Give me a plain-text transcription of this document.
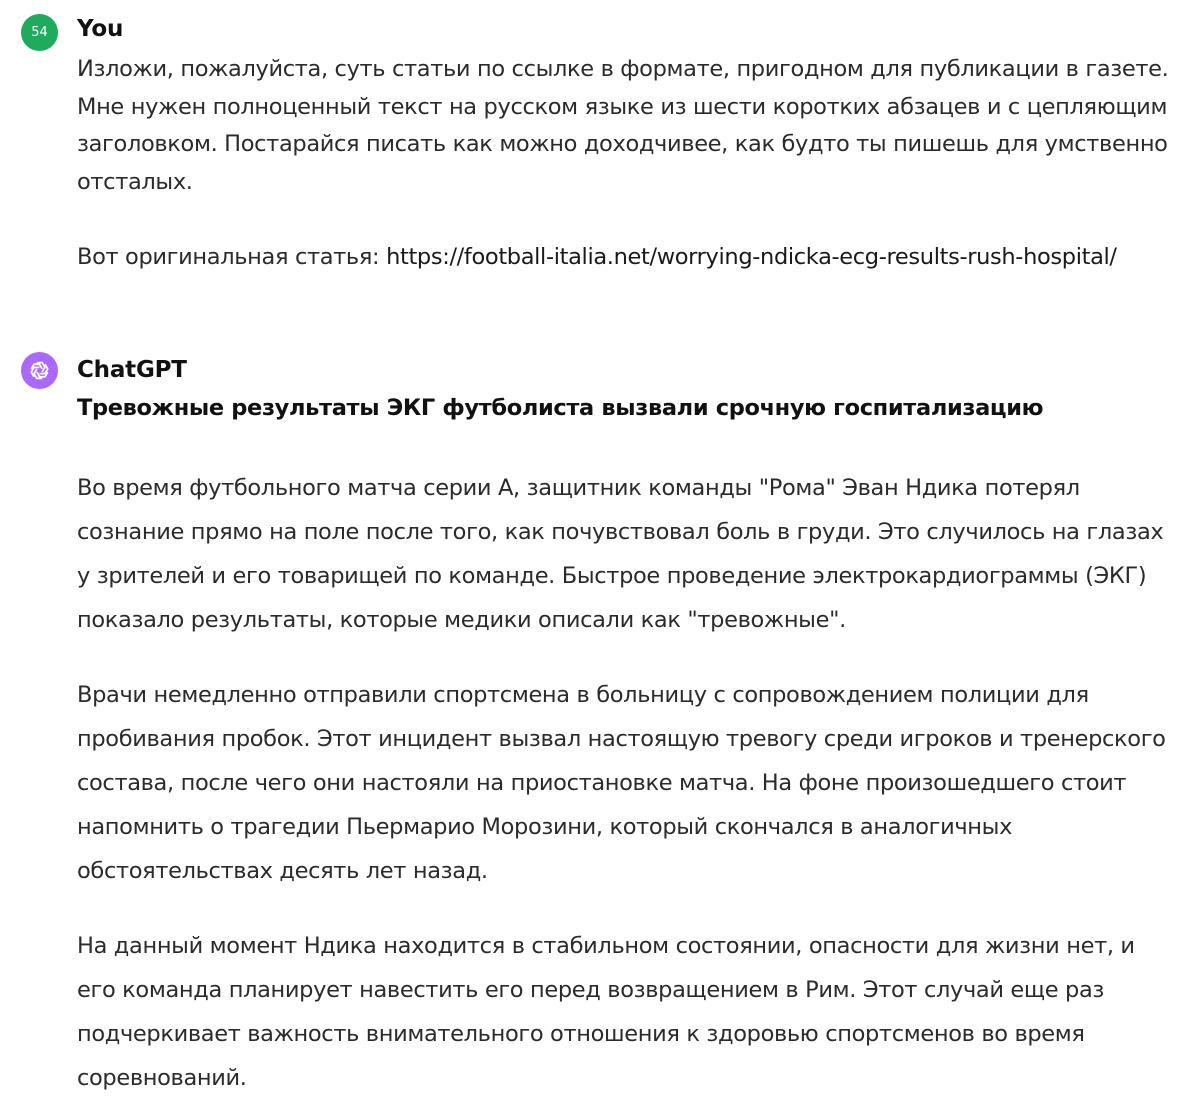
54	You

Изложи, пожалуйста, суть статьи по ссылке в формате, пригодном для публикации в газете. Мне нужен полноценный текст на русском языке из шести коротких абзацев и с цепляющим заголовком. Постарайся писать как можно доходчивее, как будто ты пишешь для умственно отсталых.

Вот оригинальная статья: https://football-italia.net/worrying-ndicka-ecg-results-rush-hospital/

ChatGPT
Тревожные результаты ЭКГ футболиста вызвали срочную госпитализацию

Во время футбольного матча серии А, защитник команды "Рома" Эван Ндика потерял сознание прямо на поле после того, как почувствовал боль в груди. Это случилось на глазах у зрителей и его товарищей по команде. Быстрое проведение электрокардиограммы (ЭКГ) показало результаты, которые медики описали как "тревожные".

Врачи немедленно отправили спортсмена в больницу с сопровождением полиции для пробивания пробок. Этот инцидент вызвал настоящую тревогу среди игроков и тренерского состава, после чего они настояли на приостановке матча. На фоне произошедшего стоит напомнить о трагедии Пьермарио Морозини, который скончался в аналогичных обстоятельствах десять лет назад.

На данный момент Ндика находится в стабильном состоянии, опасности для жизни нет, и его команда планирует навестить его перед возвращением в Рим. Этот случай еще раз подчеркивает важность внимательного отношения к здоровью спортсменов во время соревнований.
